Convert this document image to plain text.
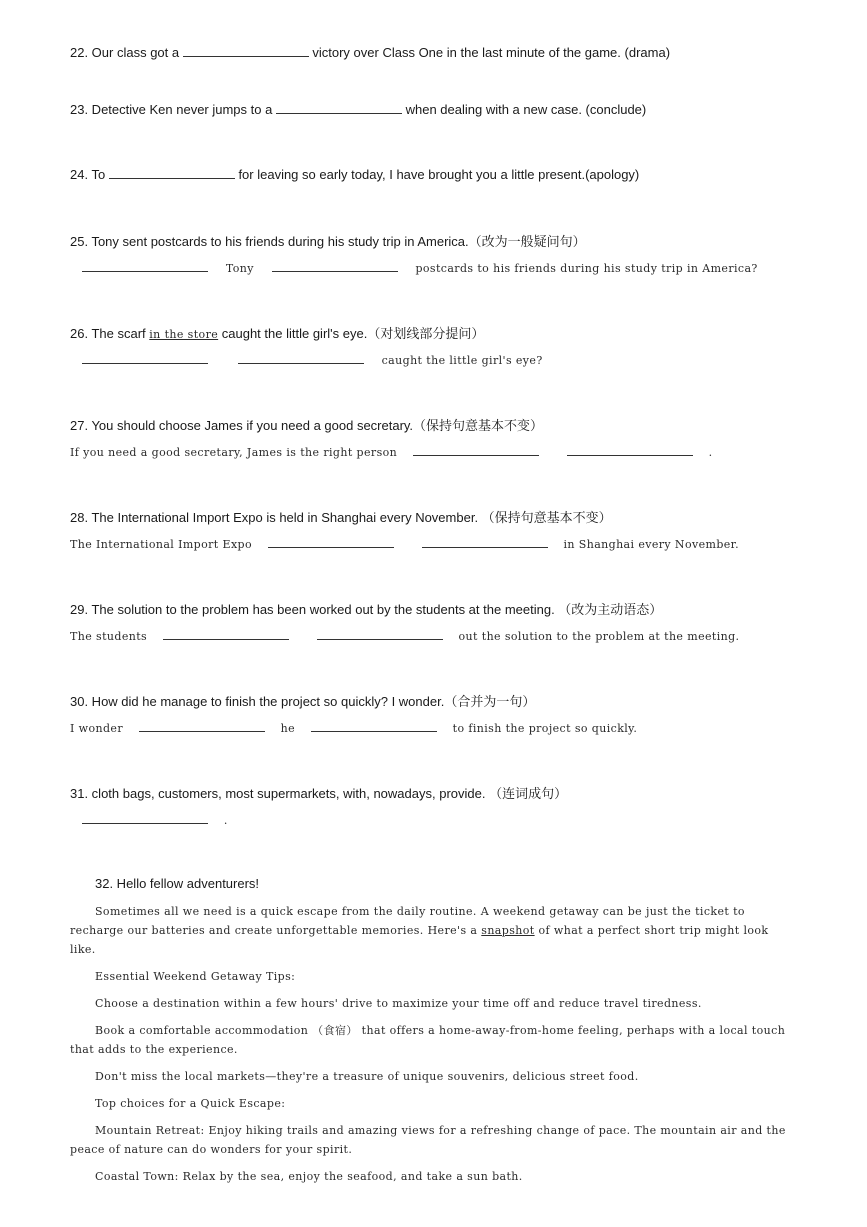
22. Our class got a	victory over Class One in the last minute of the game. (drama)
23. Detective Ken never jumps to a	when dealing with a new case. (conclude)
24. To	for leaving so early today, I have brought you a little present.(apology)
25. Tony sent postcards to his friends during his study trip in America.（改为一般疑问句）
Tony	postcards to his friends during his study trip in America?
26. The scarf in the store caught the little girl's eye.（对划线部分提问）
caught the little girl's eye?
27. You should choose James if you need a good secretary.（保持句意基本不变）
If you need a good secretary, James is the right person	.
28. The International Import Expo is held in Shanghai every November. （保持句意基本不变）
The International Import Expo	in Shanghai every November.
29. The solution to the problem has been worked out by the students at the meeting. （改为主动语态）
The students	out the solution to the problem at the meeting.
30. How did he manage to finish the project so quickly? I wonder.（合并为一句）
I wonder	he	to finish the project so quickly.
31. cloth bags, customers, most supermarkets, with, nowadays, provide. （连词成句）
.
32. Hello fellow adventurers!
Sometimes all we need is a quick escape from the daily routine. A weekend getaway can be just the ticket to recharge our batteries and create unforgettable memories. Here's a snapshot of what a perfect short trip might look like.
Essential Weekend Getaway Tips:
Choose a destination within a few hours' drive to maximize your time off and reduce travel tiredness.
Book a comfortable accommodation （食宿） that offers a home-away-from-home feeling, perhaps with a local touch that adds to the experience.
Don't miss the local markets—they're a treasure of unique souvenirs, delicious street food.
Top choices for a Quick Escape:
Mountain Retreat: Enjoy hiking trails and amazing views for a refreshing change of pace. The mountain air and the peace of nature can do wonders for your spirit.
Coastal Town: Relax by the sea, enjoy the seafood, and take a sun bath.
